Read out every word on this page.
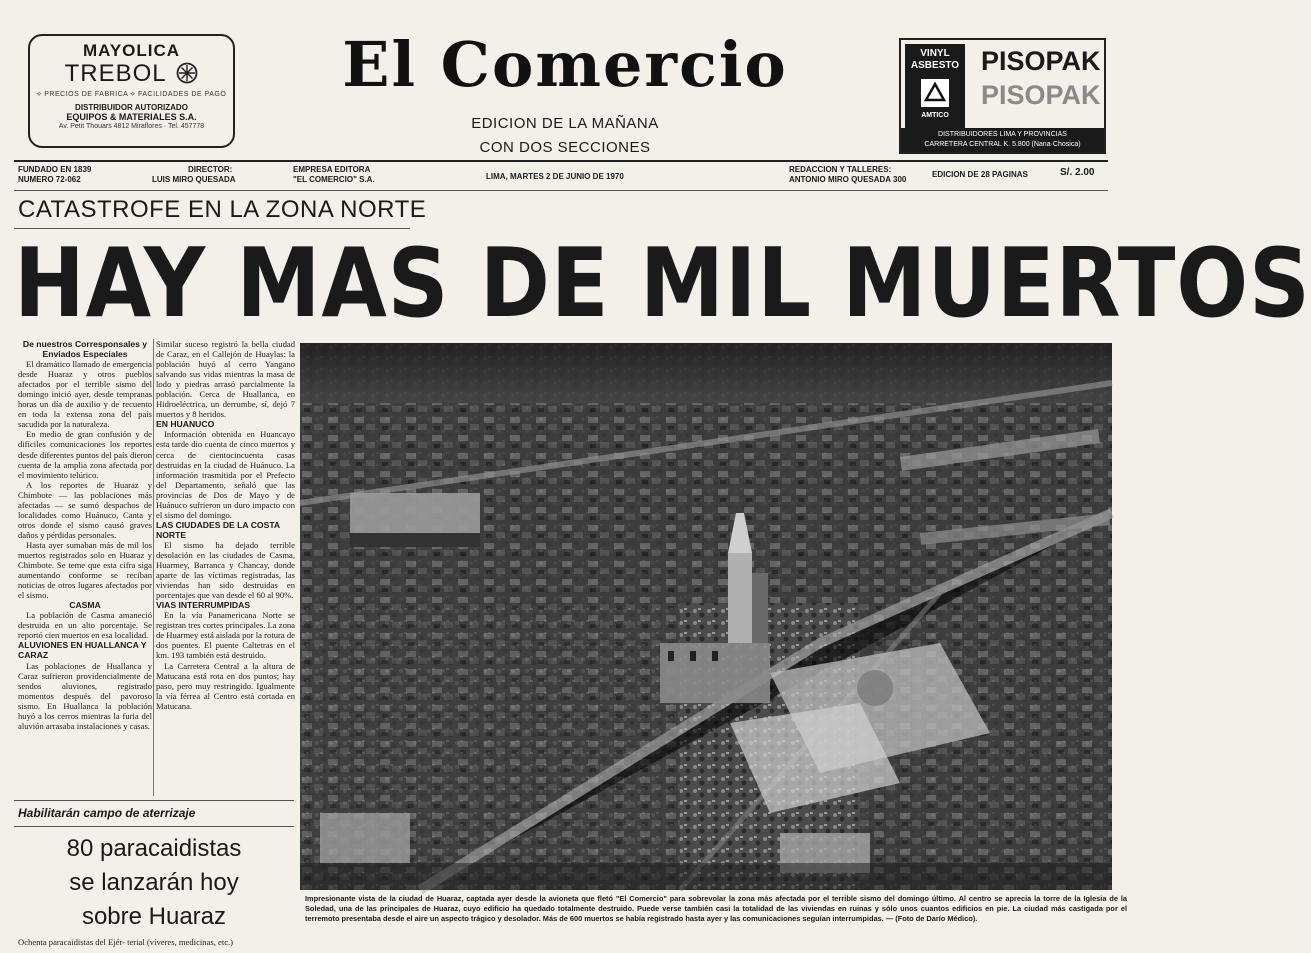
MAYOLICA
TREBOL
⟡ PRECIOS DE FABRICA ⟡ FACILIDADES DE PAGO
DISTRIBUIDOR AUTORIZADO
EQUIPOS & MATERIALES S.A.
Av. Petit Thouars 4812 Miraflores · Tel. 457778
El Comercio
EDICION DE LA MAÑANA
CON DOS SECCIONES
VINYL
ASBESTO
AMTICO
PISOPAK
PISOPAK
DISTRIBUIDORES LIMA Y PROVINCIAS
CARRETERA CENTRAL K. 5.800 (Nana·Chosica)
FUNDADO EN 1839
NUMERO 72-062
DIRECTOR:
LUIS MIRO QUESADA
EMPRESA EDITORA
"EL COMERCIO" S.A.	LIMA, MARTES 2 DE JUNIO DE 1970
REDACCION Y TALLERES:
ANTONIO MIRO QUESADA 300
EDICION DE 28 PAGINAS	S/. 2.00
CATASTROFE EN LA ZONA NORTE
HAY MAS DE MIL MUERTOS

De nuestros Corresponsales y Enviados Especiales

El dramático llamado de emergencia desde Huaraz y otros pueblos afectados por el terrible sismo del domingo inició ayer, desde tempranas horas un día de auxilio y de recuento en toda la extensa zona del país sacudida por la naturaleza.

En medio de gran confusión y de difíciles comunicaciones los reportes desde diferentes puntos del país dieron cuenta de la amplia zona afectada por el movimiento telúrico.

A los reportes de Huaraz y Chimbote — las poblaciones más afectadas — se sumó despachos de localidades como Huánuco, Canta y otros donde el sismo causó graves daños y pérdidas personales.

Hasta ayer sumaban más de mil los muertos registrados solo en Huaraz y Chimbote. Se teme que esta cifra siga aumentando conforme se reciban noticias de otros lugares afectados por el sismo.

CASMA

La población de Casma amaneció destruida en un alto porcentaje. Se reportó cien muertos en esa localidad.

ALUVIONES EN HUALLANCA Y CARAZ

Las poblaciones de Huallanca y Caraz sufrieron providencialmente de sendos aluviones, registrado momentos después del pavoroso sismo. En Huallanca la población huyó a los cerros mientras la furia del aluvión arrasaba instalaciones y casas.

Similar suceso registró la bella ciudad de Caraz, en el Callejón de Huaylas: la población huyó al cerro Yangano salvando sus vidas mientras la masa de lodo y piedras arrasó parcialmente la población. Cerca de Huallanca, en Hidroeléctrica, un derrumbe, sí, dejó 7 muertos y 8 heridos.

EN HUANUCO

Información obtenida en Huancayo esta tarde dio cuenta de cinco muertos y cerca de cientocincuenta casas destruidas en la ciudad de Huánuco. La información trasmitida por el Prefecto del Departamento, señaló que las provincias de Dos de Mayo y de Huánuco sufrieron un duro impacto con el sismo del domingo.

LAS CIUDADES DE LA COSTA NORTE

El sismo ha dejado terrible desolación en las ciudades de Casma, Huarmey, Barranca y Chancay, donde aparte de las víctimas registradas, las viviendas han sido destruidas en porcentajes que van desde el 60 al 90%.

VIAS INTERRUMPIDAS

En la vía Panamericana Norte se registran tres cortes principales. La zona de Huarmey está aislada por la rotura de dos puentes. El puente Caltetras en el km. 193 también está destruido.

La Carretera Central a la altura de Matucana está rota en dos puntos; hay paso, pero muy restringido. Igualmente la vía férrea al Centro está cortada en Matucana.

Impresionante vista de la ciudad de Huaraz, captada ayer desde la avioneta que fletó "El Comercio" para sobrevolar la zona más afectada por el terrible sismo del domingo último. Al centro se aprecia la torre de la Iglesia de la Soledad, una de las principales de Huaraz, cuyo edificio ha quedado totalmente destruido. Puede verse también casi la totalidad de las viviendas en ruinas y sólo unos cuantos edificios en pie. La ciudad más castigada por el terremoto presentaba desde el aire un aspecto trágico y desolador. Más de 600 muertos se había registrado hasta ayer y las comunicaciones seguían interrumpidas. — (Foto de Darío Médico).
Habilitarán campo de aterrizaje
80 paracaidistas
se lanzarán hoy
sobre Huaraz
Ochenta paracaidistas del Ejér- terial (víveres, medicinas, etc.)
